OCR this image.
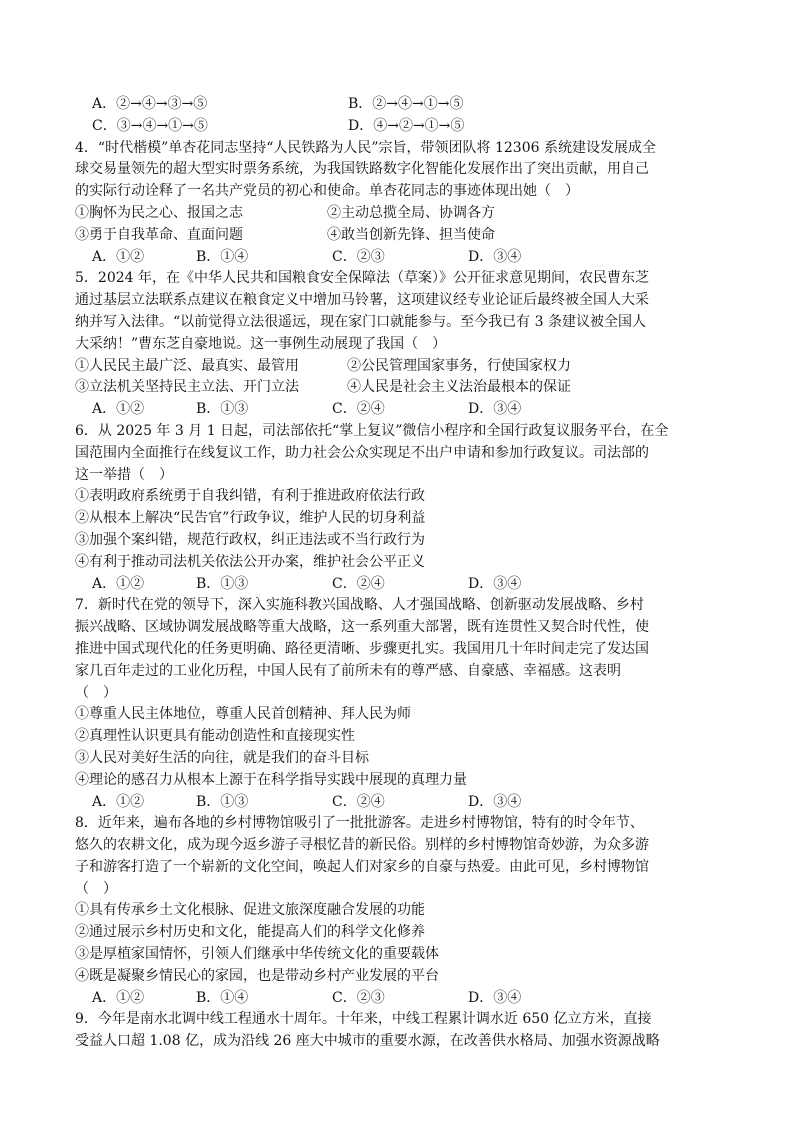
A．②→④→③→⑤	B．②→④→①→⑤
C．③→④→①→⑤	D．④→②→①→⑤
4．“时代楷模”单杏花同志坚持“人民铁路为人民”宗旨，带领团队将 12306 系统建设发展成全
球交易量领先的超大型实时票务系统，为我国铁路数字化智能化发展作出了突出贡献，用自己
的实际行动诠释了一名共产党员的初心和使命。单杏花同志的事迹体现出她（　）
①胸怀为民之心、报国之志	②主动总揽全局、协调各方
③勇于自我革命、直面问题	④敢当创新先锋、担当使命
A．①②	B．①④	C．②③	D．③④
5．2024 年，在《中华人民共和国粮食安全保障法（草案）》公开征求意见期间，农民曹东芝
通过基层立法联系点建议在粮食定义中增加马铃薯，这项建议经专业论证后最终被全国人大采
纳并写入法律。“以前觉得立法很遥远，现在家门口就能参与。至今我已有 3 条建议被全国人
大采纳！”曹东芝自豪地说。这一事例生动展现了我国（　）
①人民民主最广泛、最真实、最管用	②公民管理国家事务，行使国家权力
③立法机关坚持民主立法、开门立法	④人民是社会主义法治最根本的保证
A．①②	B．①③	C．②④	D．③④
6．从 2025 年 3 月 1 日起，司法部依托“掌上复议”微信小程序和全国行政复议服务平台，在全
国范围内全面推行在线复议工作，助力社会公众实现足不出户申请和参加行政复议。司法部的
这一举措（　）
①表明政府系统勇于自我纠错，有利于推进政府依法行政
②从根本上解决“民告官”行政争议，维护人民的切身利益
③加强个案纠错，规范行政权，纠正违法或不当行政行为
④有利于推动司法机关依法公开办案，维护社会公平正义
A．①②	B．①③	C．②④	D．③④
7．新时代在党的领导下，深入实施科教兴国战略、人才强国战略、创新驱动发展战略、乡村
振兴战略、区域协调发展战略等重大战略，这一系列重大部署，既有连贯性又契合时代性，使
推进中国式现代化的任务更明确、路径更清晰、步骤更扎实。我国用几十年时间走完了发达国
家几百年走过的工业化历程，中国人民有了前所未有的尊严感、自豪感、幸福感。这表明
（　）
①尊重人民主体地位，尊重人民首创精神、拜人民为师
②真理性认识更具有能动创造性和直接现实性
③人民对美好生活的向往，就是我们的奋斗目标
④理论的感召力从根本上源于在科学指导实践中展现的真理力量
A．①②	B．①③	C．②④	D．③④
8．近年来，遍布各地的乡村博物馆吸引了一批批游客。走进乡村博物馆，特有的时令年节、
悠久的农耕文化，成为现今返乡游子寻根忆昔的新民俗。别样的乡村博物馆奇妙游，为众多游
子和游客打造了一个崭新的文化空间，唤起人们对家乡的自豪与热爱。由此可见，乡村博物馆
（　）
①具有传承乡土文化根脉、促进文旅深度融合发展的功能
②通过展示乡村历史和文化，能提高人们的科学文化修养
③是厚植家国情怀，引领人们继承中华传统文化的重要载体
④既是凝聚乡情民心的家园，也是带动乡村产业发展的平台
A．①②	B．①④	C．②③	D．③④
9．今年是南水北调中线工程通水十周年。十年来，中线工程累计调水近 650 亿立方米，直接
受益人口超 1.08 亿，成为沿线 26 座大中城市的重要水源，在改善供水格局、加强水资源战略
